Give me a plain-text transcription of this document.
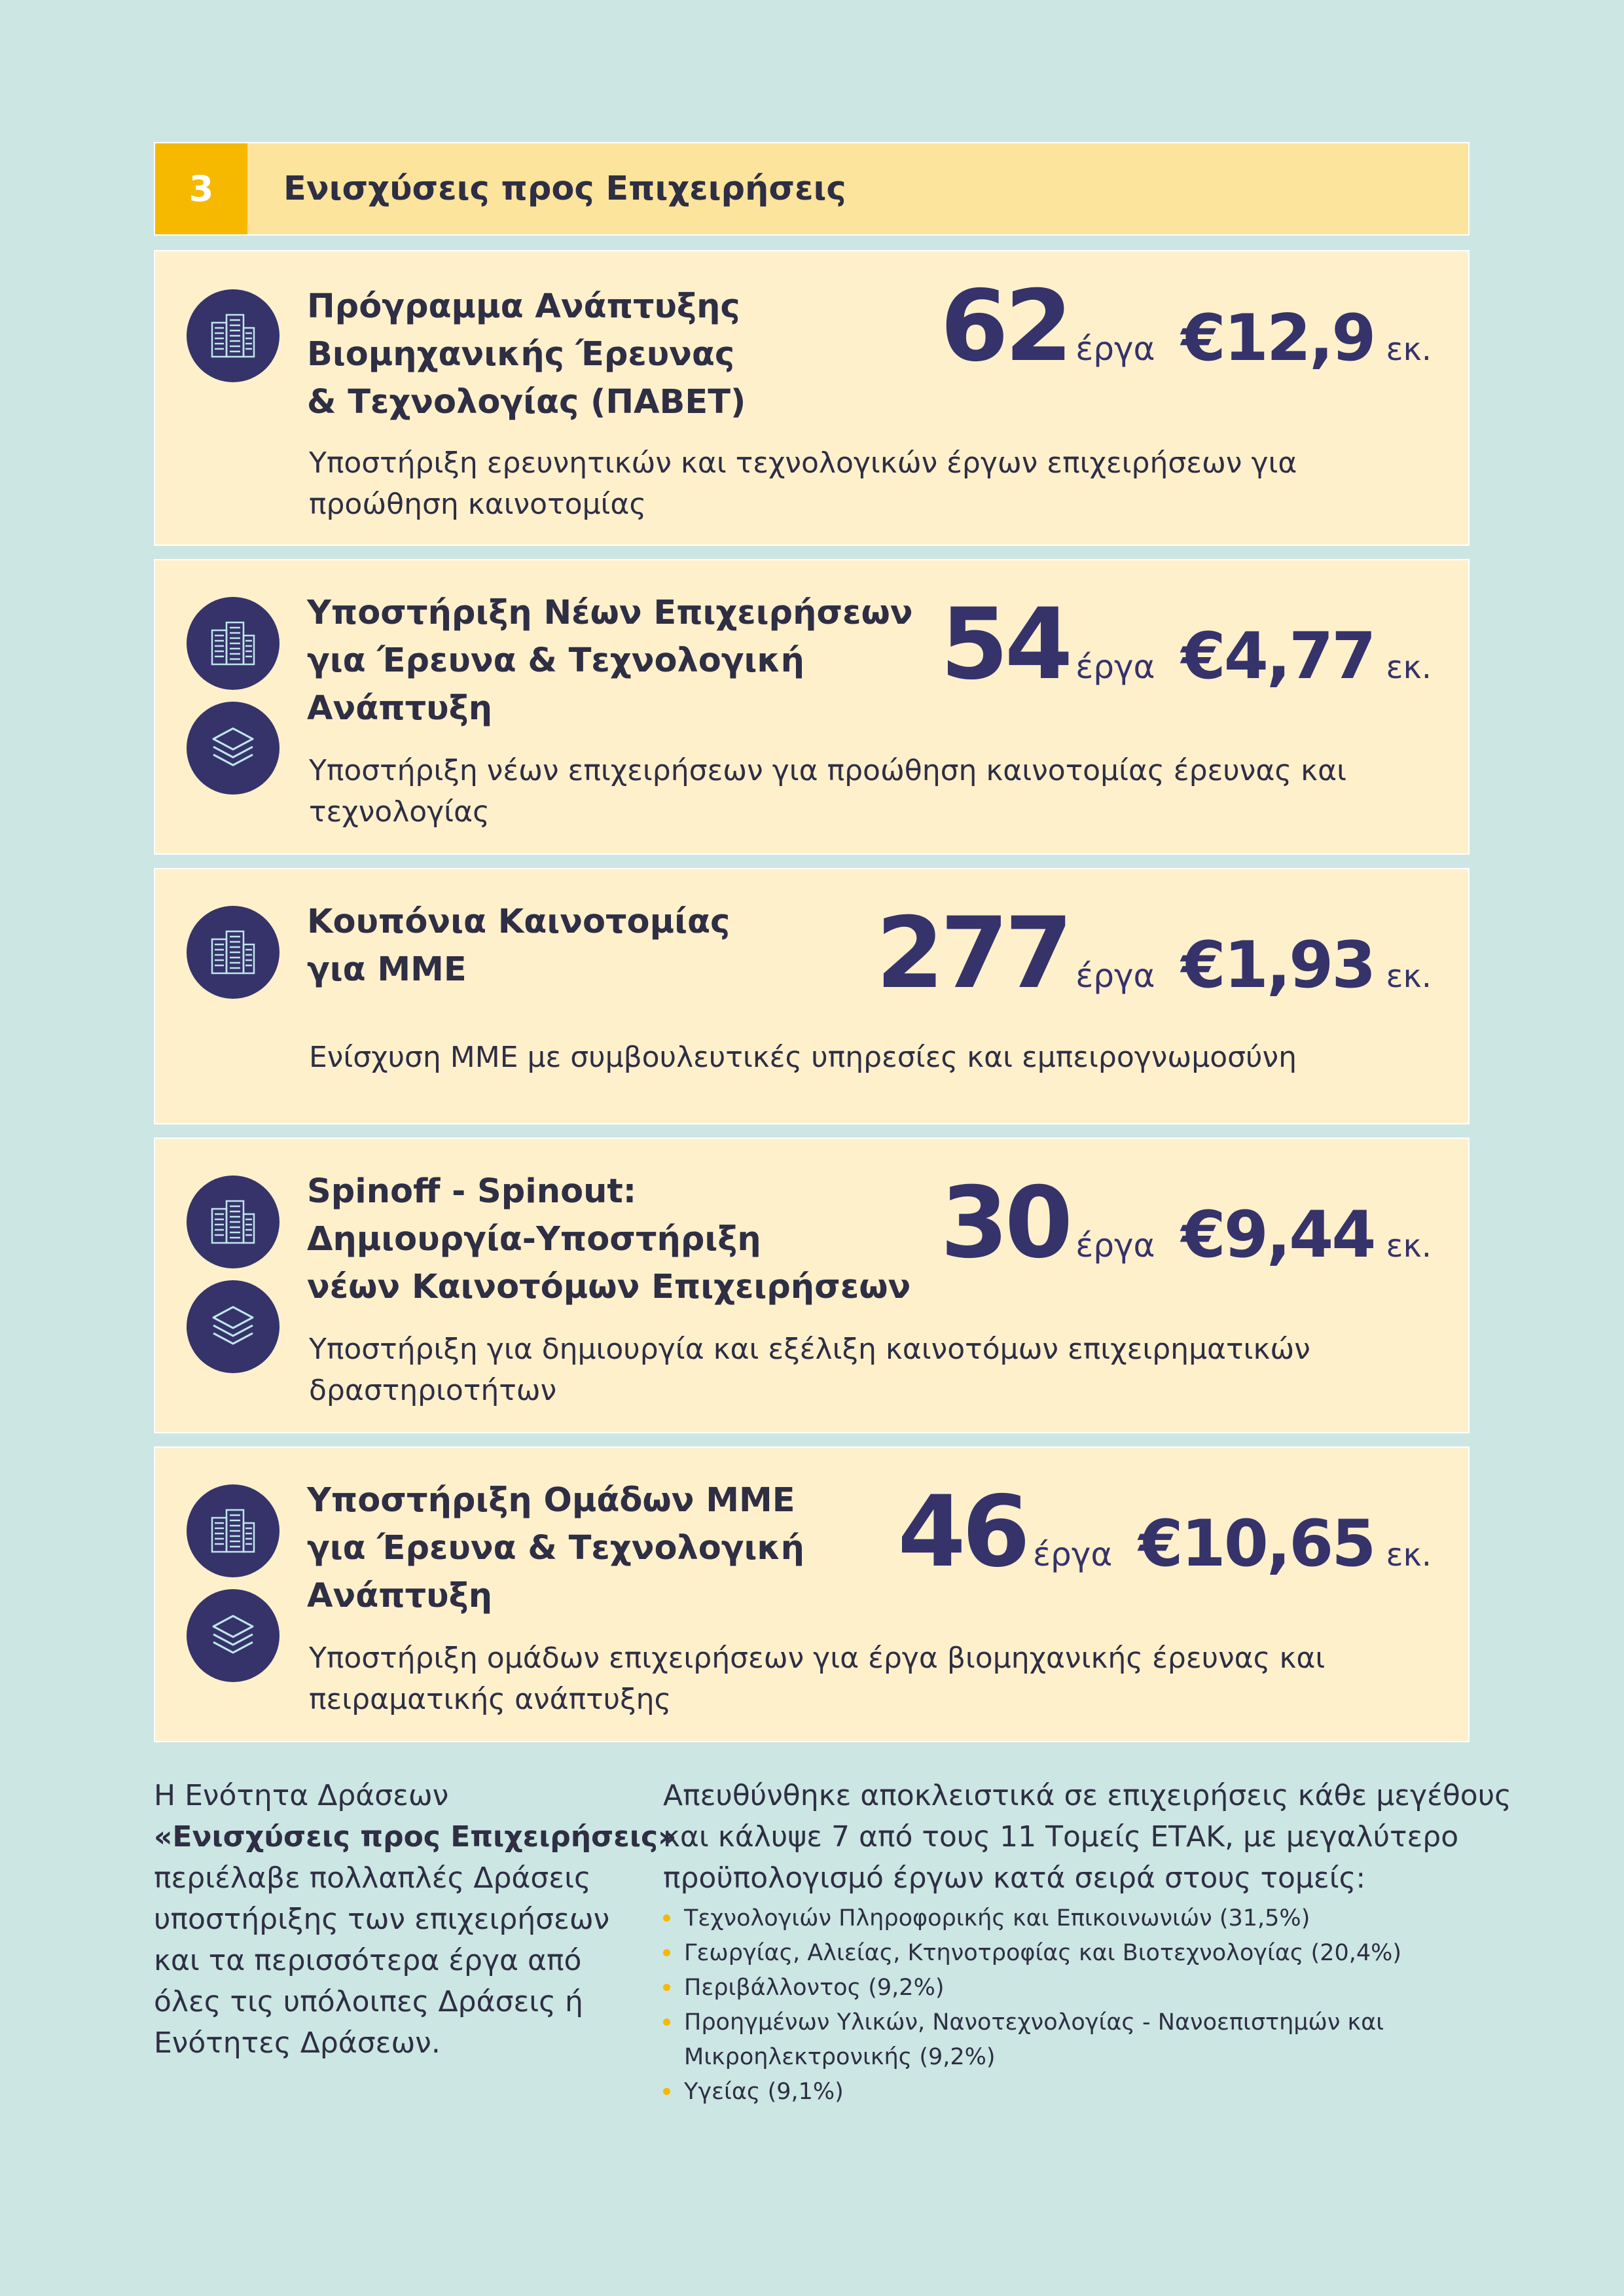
3	Ενισχύσεις προς Επιχειρήσεις
Πρόγραμμα Ανάπτυξης
Βιομηχανικής Έρευνας
& Τεχνολογίας (ΠΑΒΕΤ)
62 έργα €12,9 εκ.
Υποστήριξη ερευνητικών και τεχνολογικών έργων επιχειρήσεων για
προώθηση καινοτομίας
Υποστήριξη Νέων Επιχειρήσεων
για Έρευνα & Τεχνολογική
Ανάπτυξη
54 έργα €4,77 εκ.
Υποστήριξη νέων επιχειρήσεων για προώθηση καινοτομίας έρευνας και
τεχνολογίας
Κουπόνια Καινοτομίας
για ΜΜΕ	277 έργα €1,93 εκ.
Ενίσχυση ΜΜΕ με συμβουλευτικές υπηρεσίες και εμπειρογνωμοσύνη
Spinoff - Spinout:
Δημιουργία-Υποστήριξη
νέων Καινοτόμων Επιχειρήσεων
30 έργα €9,44 εκ.
Υποστήριξη για δημιουργία και εξέλιξη καινοτόμων επιχειρηματικών
δραστηριοτήτων
Υποστήριξη Ομάδων ΜΜΕ
για Έρευνα & Τεχνολογική
Ανάπτυξη
46 έργα €10,65 εκ.
Υποστήριξη ομάδων επιχειρήσεων για έργα βιομηχανικής έρευνας και
πειραματικής ανάπτυξης
Η Ενότητα Δράσεων
«Ενισχύσεις προς Επιχειρήσεις»
περιέλαβε πολλαπλές Δράσεις
υποστήριξης των επιχειρήσεων
και τα περισσότερα έργα από
όλες τις υπόλοιπες Δράσεις ή
Ενότητες Δράσεων.
Απευθύνθηκε αποκλειστικά σε επιχειρήσεις κάθε μεγέθους
και κάλυψε 7 από τους 11 Τομείς ΕΤΑΚ, με μεγαλύτερο
προϋπολογισμό έργων κατά σειρά στους τομείς:
Τεχνολογιών Πληροφορικής και Επικοινωνιών (31,5%)
Γεωργίας, Αλιείας, Κτηνοτροφίας και Βιοτεχνολογίας (20,4%)
Περιβάλλοντος (9,2%)
Προηγμένων Υλικών, Νανοτεχνολογίας - Νανοεπιστημών και
Μικροηλεκτρονικής (9,2%)
Υγείας (9,1%)
